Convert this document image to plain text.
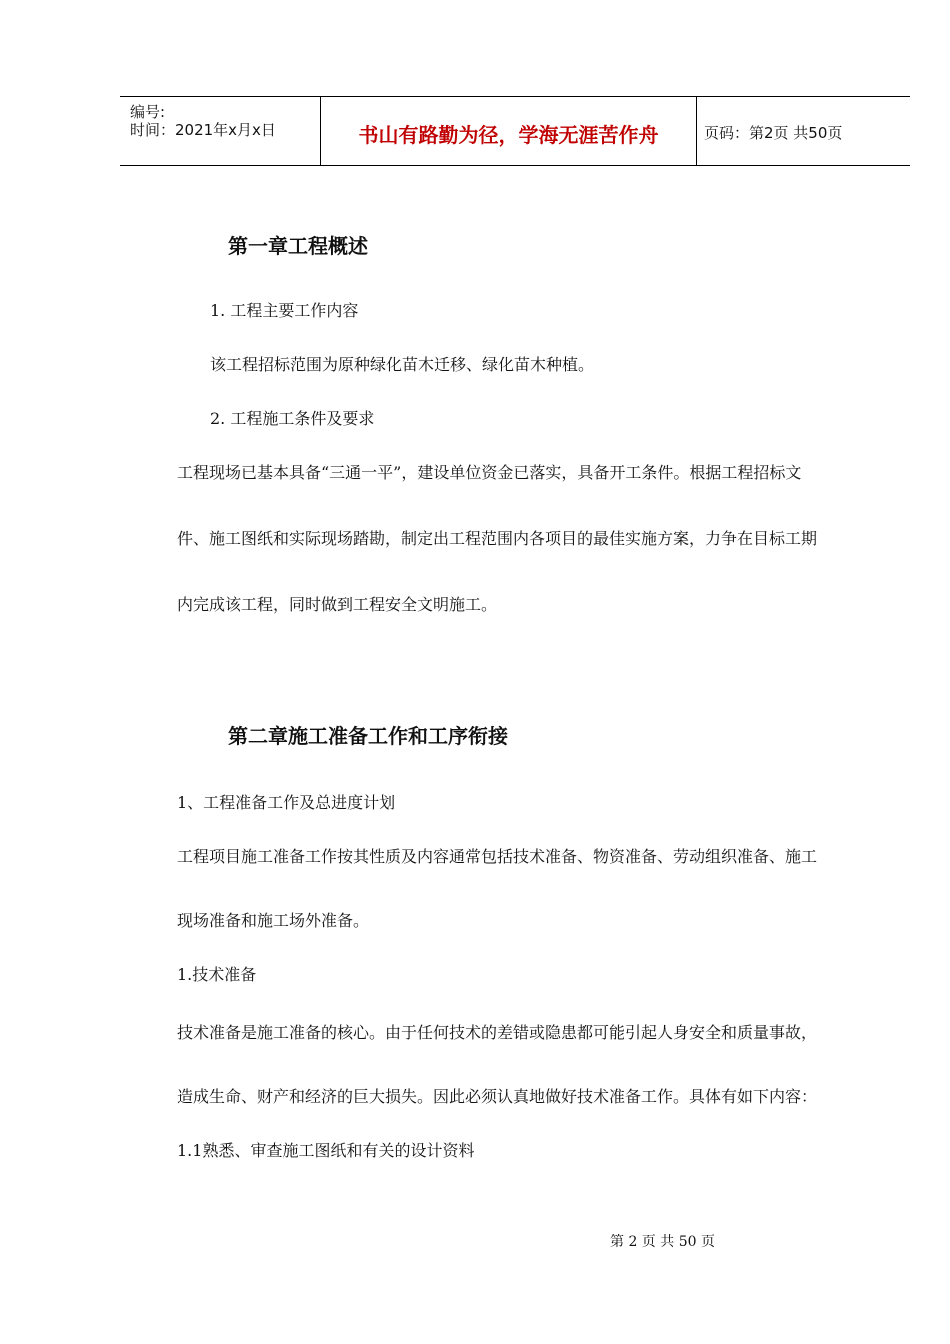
编号:
时间：2021年x月x日	书山有路勤为径，学海无涯苦作舟	页码：第2页 共50页
第一章工程概述
1. 工程主要工作内容
该工程招标范围为原种绿化苗木迁移、绿化苗木种植。
2. 工程施工条件及要求
工程现场已基本具备“三通一平”，建设单位资金已落实，具备开工条件。根据工程招标文
件、施工图纸和实际现场踏勘，制定出工程范围内各项目的最佳实施方案，力争在目标工期
内完成该工程，同时做到工程安全文明施工。
第二章施工准备工作和工序衔接
1、工程准备工作及总进度计划
工程项目施工准备工作按其性质及内容通常包括技术准备、物资准备、劳动组织准备、施工
现场准备和施工场外准备。
1.技术准备
技术准备是施工准备的核心。由于任何技术的差错或隐患都可能引起人身安全和质量事故，
造成生命、财产和经济的巨大损失。因此必须认真地做好技术准备工作。具体有如下内容：
1.1熟悉、审查施工图纸和有关的设计资料
第 2 页 共 50 页
